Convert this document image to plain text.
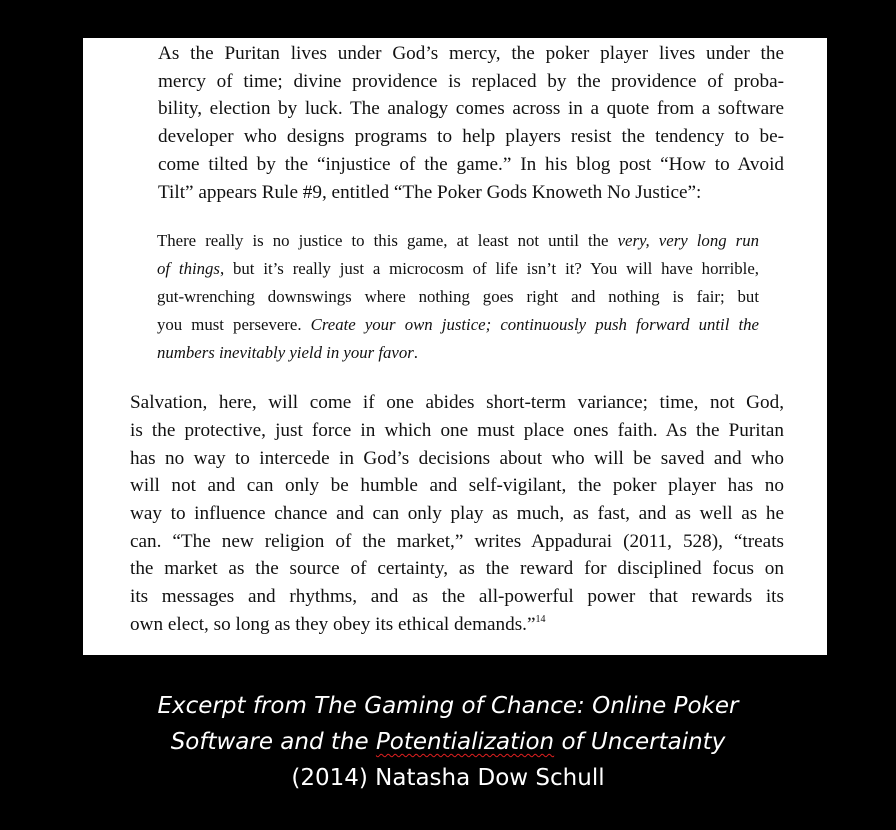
As the Puritan lives under God’s mercy, the poker player lives under the
mercy of time; divine providence is replaced by the providence of proba-
bility, election by luck. The analogy comes across in a quote from a software
developer who designs programs to help players resist the tendency to be-
come tilted by the “injustice of the game.” In his blog post “How to Avoid
Tilt” appears Rule #9, entitled “The Poker Gods Knoweth No Justice”:

There really is no justice to this game, at least not until the very, very long run
of things, but it’s really just a microcosm of life isn’t it? You will have horrible,
gut-wrenching downswings where nothing goes right and nothing is fair; but
you must persevere. Create your own justice; continuously push forward until the
numbers inevitably yield in your favor.

Salvation, here, will come if one abides short-term variance; time, not God,
is the protective, just force in which one must place ones faith. As the Puritan
has no way to intercede in God’s decisions about who will be saved and who
will not and can only be humble and self-vigilant, the poker player has no
way to influence chance and can only play as much, as fast, and as well as he
can. “The new religion of the market,” writes Appadurai (2011, 528), “treats
the market as the source of certainty, as the reward for disciplined focus on
its messages and rhythms, and as the all-powerful power that rewards its
own elect, so long as they obey its ethical demands.”$^{14}$

Excerpt from The Gaming of Chance: Online Poker
Software and the Potentialization of Uncertainty
(2014) Natasha Dow Schull
